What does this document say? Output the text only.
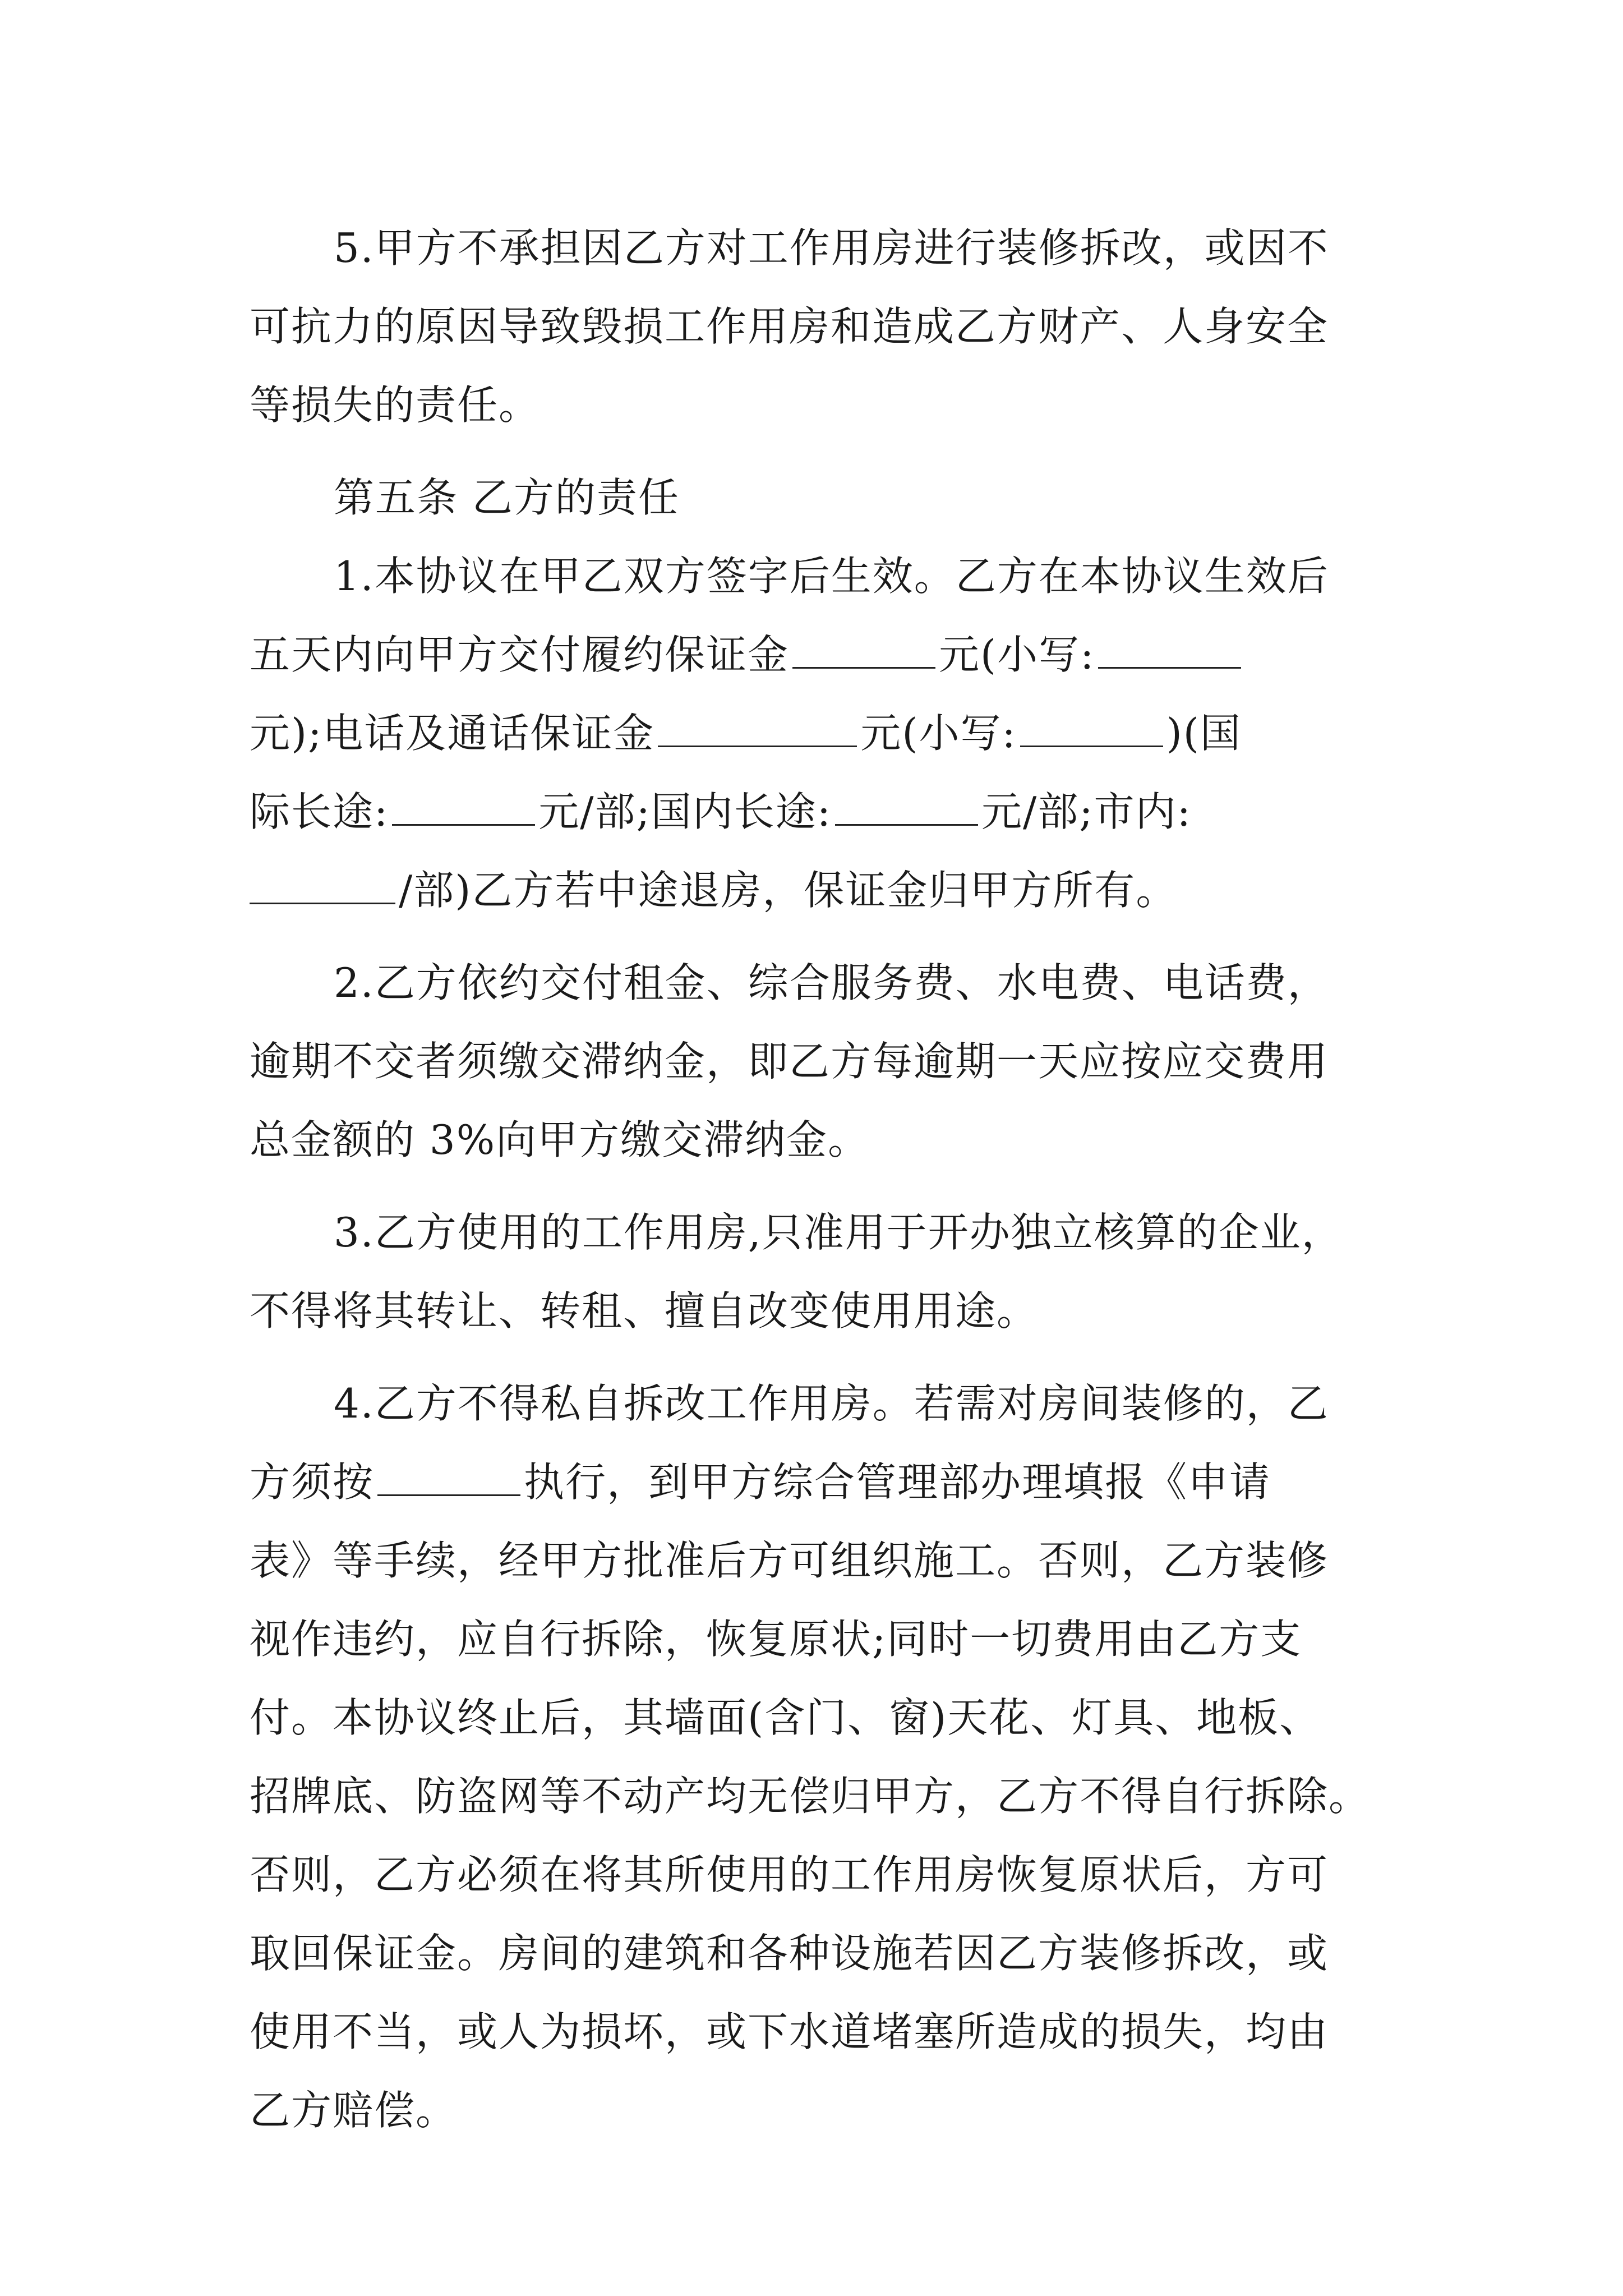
5.甲方不承担因乙方对工作用房进行装修拆改，或因不
可抗力的原因导致毁损工作用房和造成乙方财产、人身安全
等损失的责任。
第五条 乙方的责任
1.本协议在甲乙双方签字后生效。乙方在本协议生效后
五天内向甲方交付履约保证金	元(小写:
元);电话及通话保证金	元(小写:	)(国
际长途:	元/部;国内长途:	元/部;市内:
/部)乙方若中途退房，保证金归甲方所有。
2.乙方依约交付租金、综合服务费、水电费、电话费，
逾期不交者须缴交滞纳金，即乙方每逾期一天应按应交费用
总金额的 3%向甲方缴交滞纳金。
3.乙方使用的工作用房,只准用于开办独立核算的企业，
不得将其转让、转租、擅自改变使用用途。
4.乙方不得私自拆改工作用房。若需对房间装修的，乙
方须按	执行，到甲方综合管理部办理填报《申请
表》等手续，经甲方批准后方可组织施工。否则，乙方装修
视作违约，应自行拆除，恢复原状;同时一切费用由乙方支
付。本协议终止后，其墙面(含门、窗)天花、灯具、地板、
招牌底、防盗网等不动产均无偿归甲方，乙方不得自行拆除。
否则，乙方必须在将其所使用的工作用房恢复原状后，方可
取回保证金。房间的建筑和各种设施若因乙方装修拆改，或
使用不当，或人为损坏，或下水道堵塞所造成的损失，均由
乙方赔偿。
